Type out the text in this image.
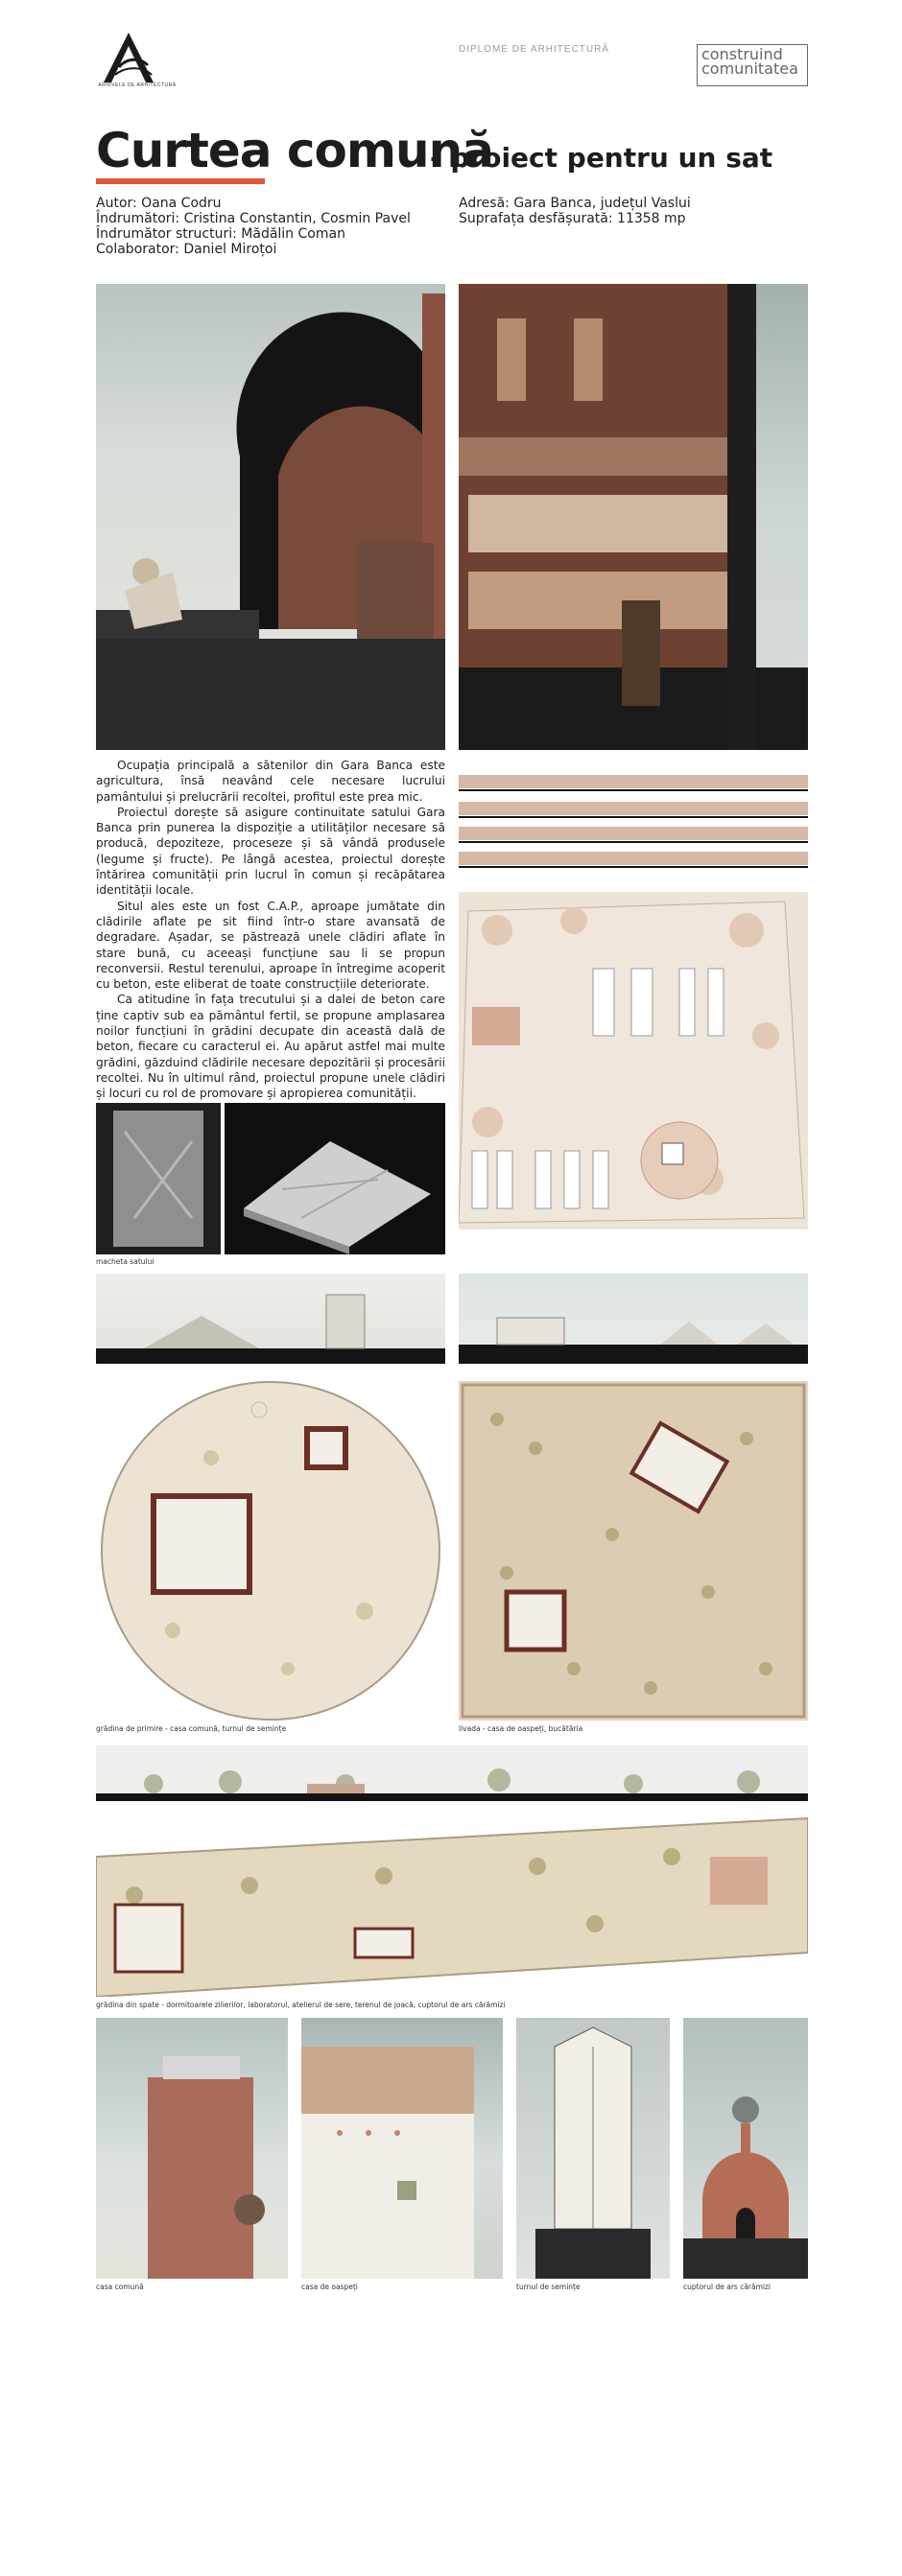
ARHIVELE DE ARHITECTURĂ
DIPLOME DE ARHITECTURĂ	construind
comunitatea
Curtea comună
- proiect pentru un sat
Autor: Oana Codru
Îndrumători: Cristina Constantin, Cosmin Pavel
Îndrumător structuri: Mădălin Coman
Colaborator: Daniel Miroțoi
Adresă: Gara Banca, județul Vaslui
Suprafața desfășurată: 11358 mp

Ocupația principală a sătenilor din Gara Banca este agricultura, însă neavând cele necesare lucrului pamântului și prelucrării recoltei, profitul este prea mic.

Proiectul dorește să asigure continuitate satului Gara Banca prin punerea la dispoziție a utilităților necesare să producă, depoziteze, proceseze și să vândă produsele (legume și fructe). Pe lângă acestea, proiectul dorește întărirea comunității prin lucrul în comun și recăpătarea identității locale.

Situl ales este un fost C.A.P., aproape jumătate din clădirile aflate pe sit fiind într-o stare avansată de degradare. Așadar, se păstrează unele clădiri aflate în stare bună, cu aceeași funcțiune sau li se propun reconversii. Restul terenului, aproape în întregime acoperit cu beton, este eliberat de toate construcțiile deteriorate.

Ca atitudine în fața trecutului și a dalei de beton care ține captiv sub ea pământul fertil, se propune amplasarea noilor funcțiuni în grădini decupate din această dală de beton, fiecare cu caracterul ei. Au apărut astfel mai multe grădini, găzduind clădirile necesare depozitării și procesării recoltei. Nu în ultimul rând, proiectul propune unele clădiri și locuri cu rol de promovare și apropierea comunității.

macheta satului
grădina de primire - casa comună, turnul de semințe	livada - casa de oaspeți, bucătăria
grădina din spate - dormitoarele zilierilor, laboratorul, atelierul de sere, terenul de joacă, cuptorul de ars cărămizi
casa comună	casa de oaspeți	turnul de semințe	cuptorul de ars cărămizi
